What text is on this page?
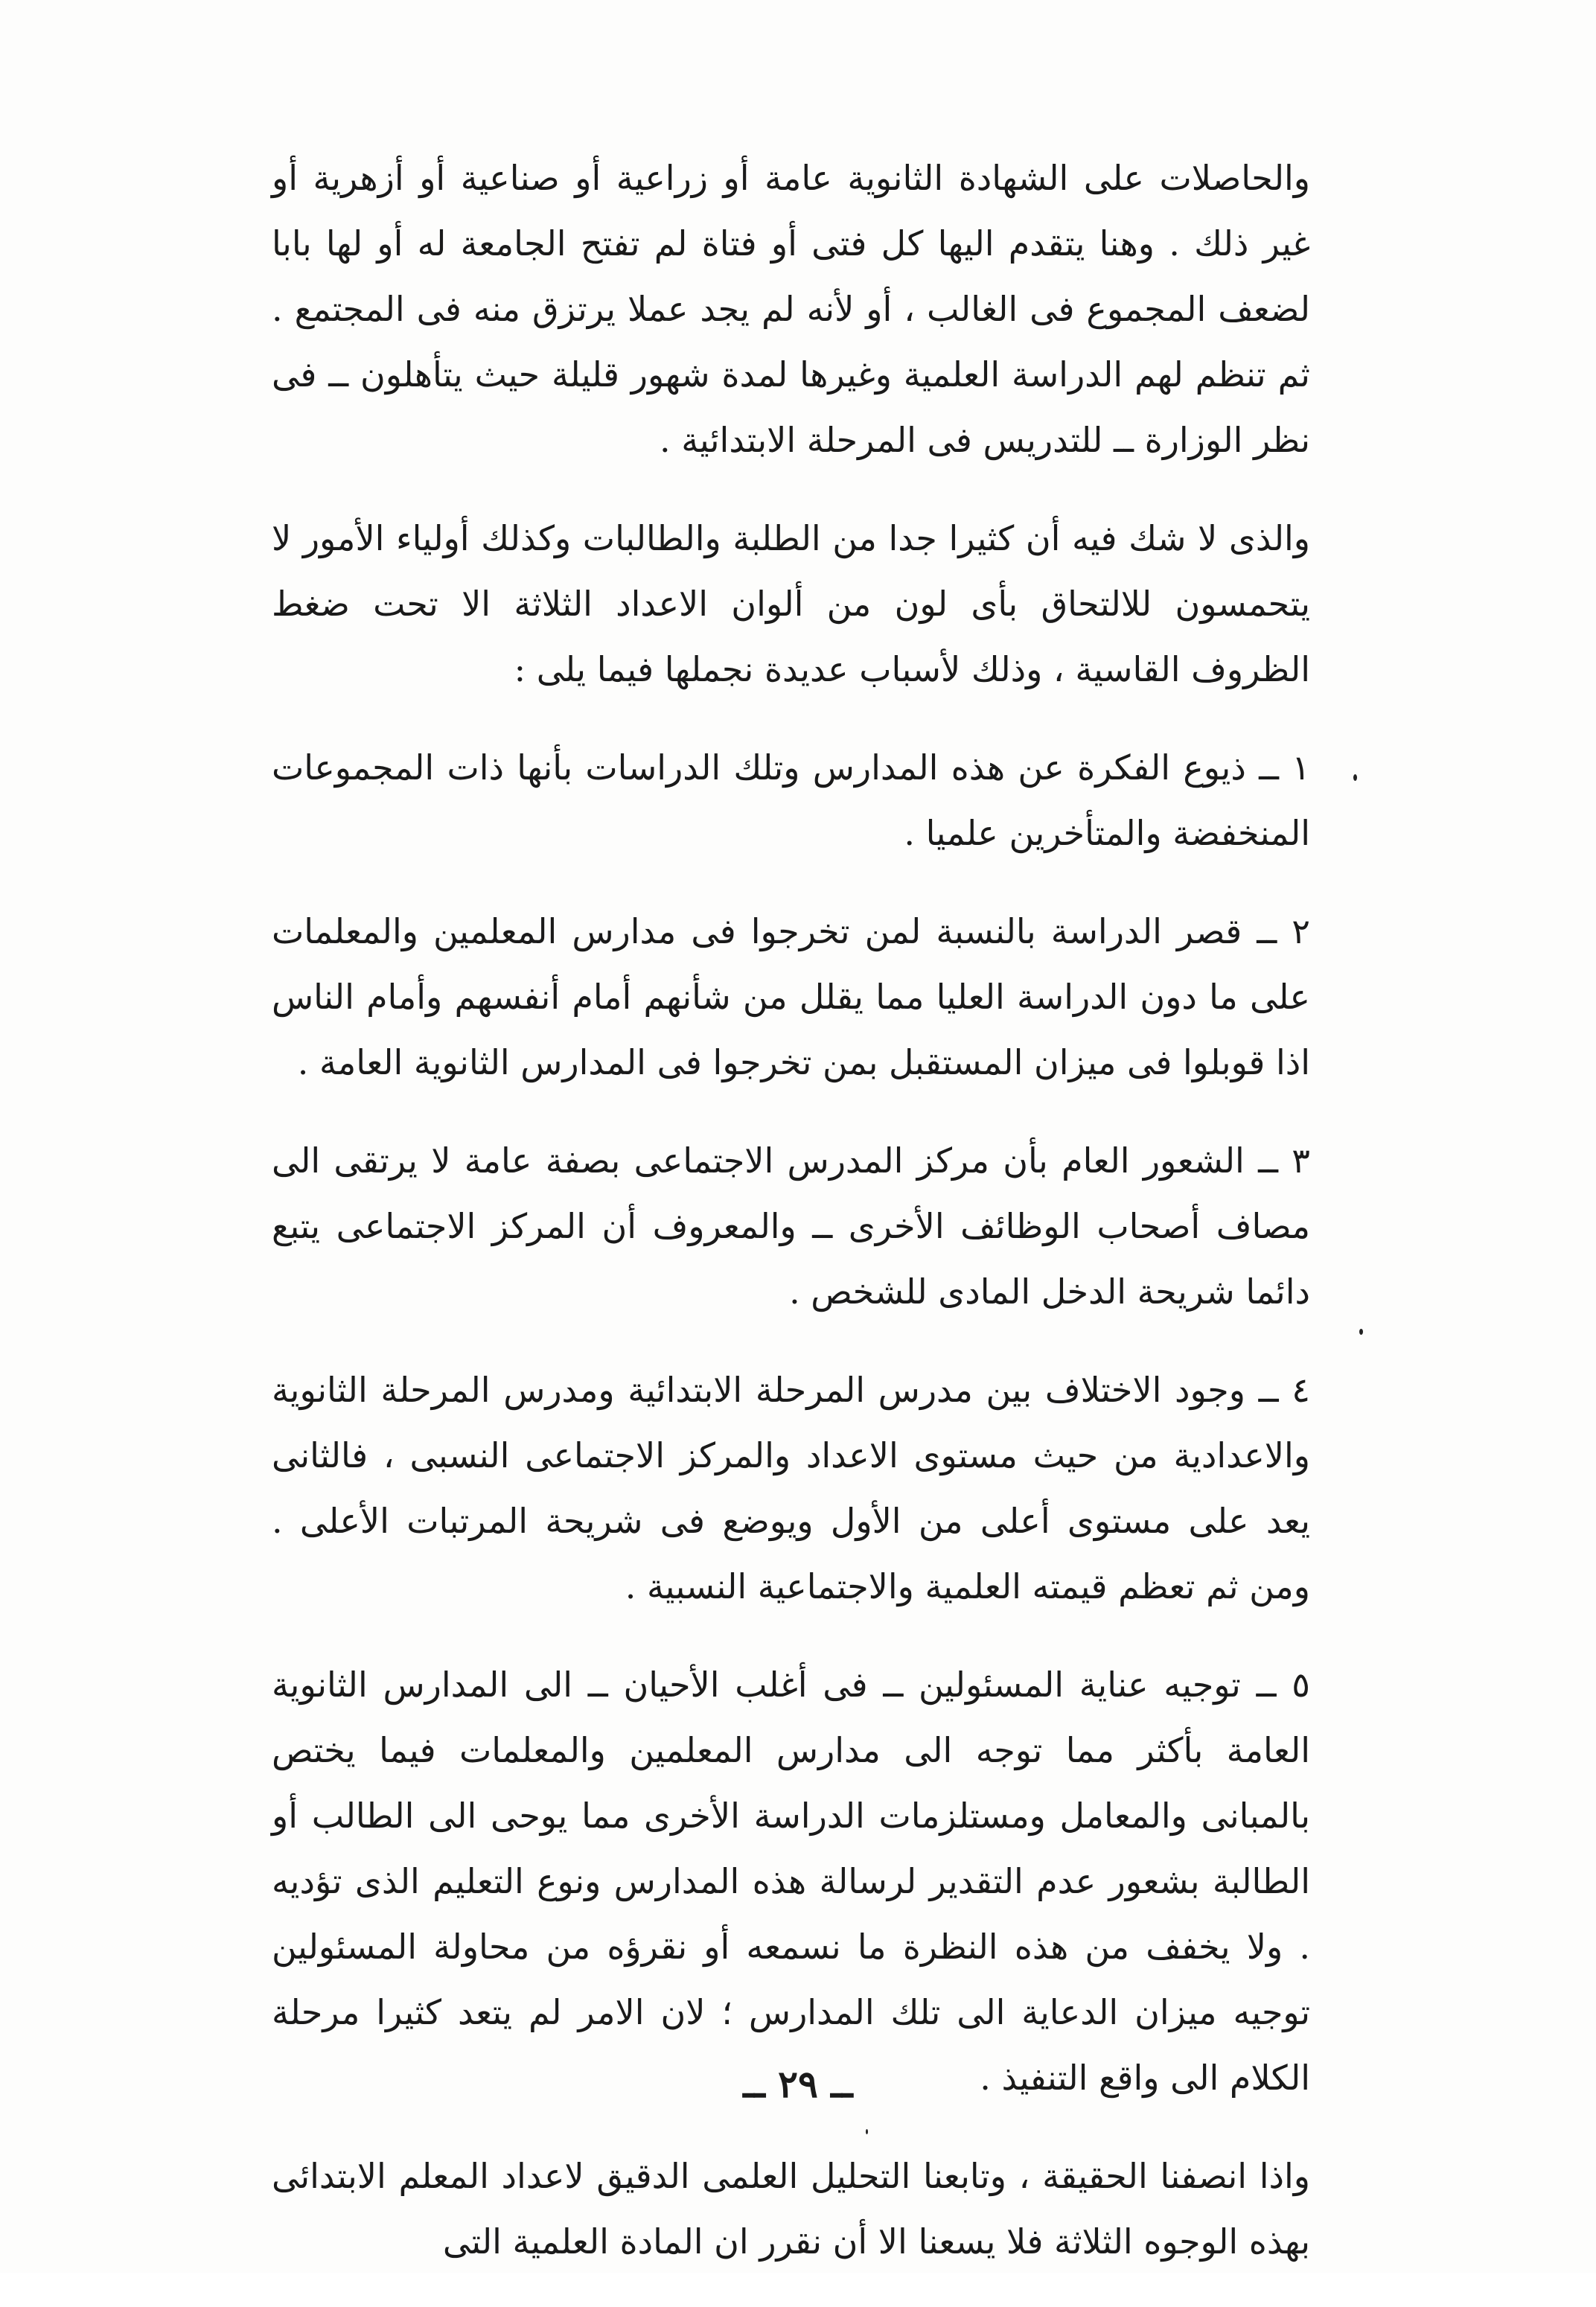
والحاصلات على الشهادة الثانوية عامة أو زراعية أو صناعية أو أزهرية أو غير ذلك . وهنا يتقدم اليها كل فتى أو فتاة لم تفتح الجامعة له أو لها بابا لضعف المجموع فى الغالب ، أو لأنه لم يجد عملا يرتزق منه فى المجتمع . ثم تنظم لهم الدراسة العلمية وغيرها لمدة شهور قليلة حيث يتأهلون ــ فى نظر الوزارة ــ للتدريس فى المرحلة الابتدائية .

والذى لا شك فيه أن كثيرا جدا من الطلبة والطالبات وكذلك أولياء الأمور لا يتحمسون للالتحاق بأى لون من ألوان الاعداد الثلاثة الا تحت ضغط الظروف القاسية ، وذلك لأسباب عديدة نجملها فيما يلى :

١ ــ ذيوع الفكرة عن هذه المدارس وتلك الدراسات بأنها ذات المجموعات المنخفضة والمتأخرين علميا .

٢ ــ قصر الدراسة بالنسبة لمن تخرجوا فى مدارس المعلمين والمعلمات على ما دون الدراسة العليا مما يقلل من شأنهم أمام أنفسهم وأمام الناس اذا قوبلوا فى ميزان المستقبل بمن تخرجوا فى المدارس الثانوية العامة .

٣ ــ الشعور العام بأن مركز المدرس الاجتماعى بصفة عامة لا يرتقى الى مصاف أصحاب الوظائف الأخرى ــ والمعروف أن المركز الاجتماعى يتبع دائما شريحة الدخل المادى للشخص .

٤ ــ وجود الاختلاف بين مدرس المرحلة الابتدائية ومدرس المرحلة الثانوية والاعدادية من حيث مستوى الاعداد والمركز الاجتماعى النسبى ، فالثانى يعد على مستوى أعلى من الأول ويوضع فى شريحة المرتبات الأعلى . ومن ثم تعظم قيمته العلمية والاجتماعية النسبية .

٥ ــ توجيه عناية المسئولين ــ فى أغلب الأحيان ــ الى المدارس الثانوية العامة بأكثر مما توجه الى مدارس المعلمين والمعلمات فيما يختص بالمبانى والمعامل ومستلزمات الدراسة الأخرى مما يوحى الى الطالب أو الطالبة بشعور عدم التقدير لرسالة هذه المدارس ونوع التعليم الذى تؤديه . ولا يخفف من هذه النظرة ما نسمعه أو نقرؤه من محاولة المسئولين توجيه ميزان الدعاية الى تلك المدارس ؛ لان الامر لم يتعد كثيرا مرحلة الكلام الى واقع التنفيذ .

واذا انصفنا الحقيقة ، وتابعنا التحليل العلمى الدقيق لاعداد المعلم الابتدائى بهذه الوجوه الثلاثة فلا يسعنا الا أن نقرر ان المادة العلمية التى

ــ ٢٩ ــ
